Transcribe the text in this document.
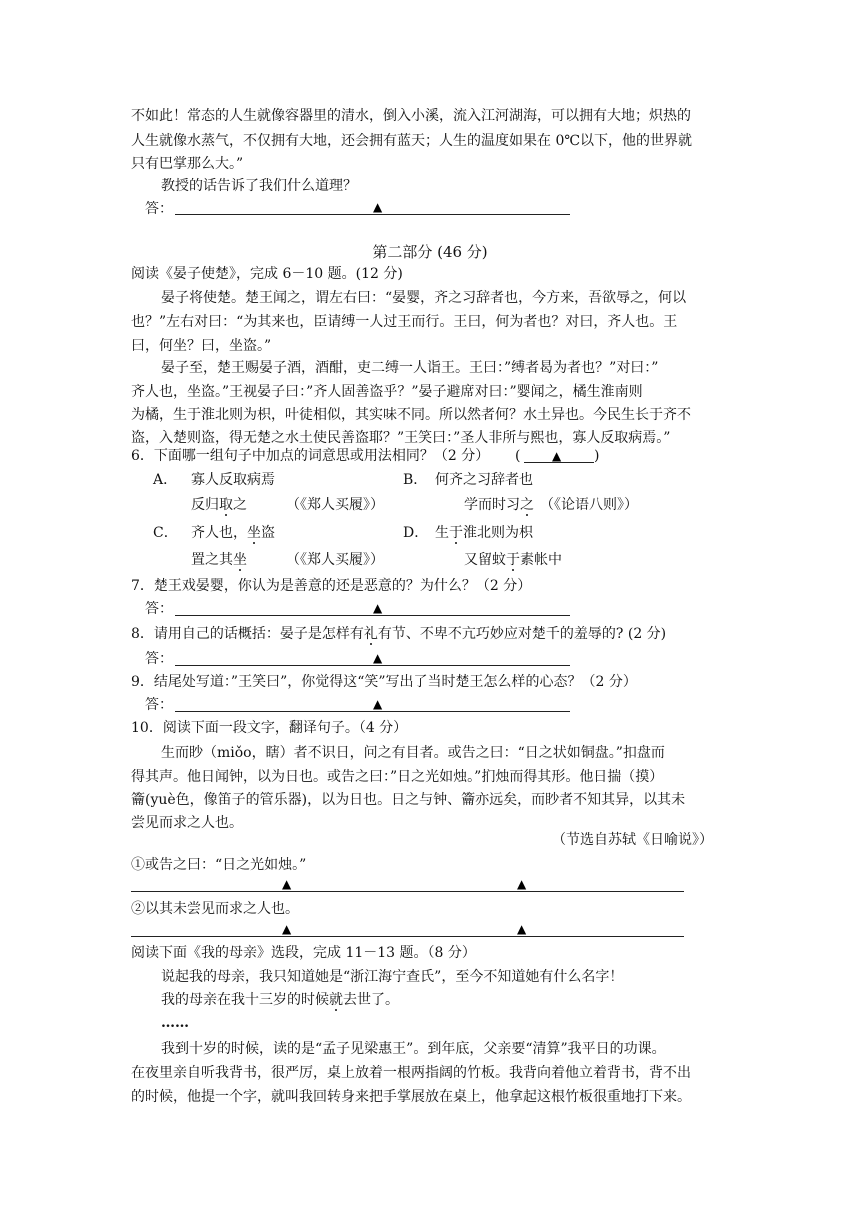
不如此！常态的人生就像容器里的清水，倒入小溪，流入江河湖海，可以拥有大地；炽热的
人生就像水蒸气，不仅拥有大地，还会拥有蓝天；人生的温度如果在 0℃以下，他的世界就
只有巴掌那么大。”
教授的话告诉了我们什么道理？
答：	▲
第二部分 (46 分)
阅读《晏子使楚》，完成 6－10 题。(12 分)
晏子将使楚。楚王闻之，谓左右曰：“晏婴，齐之习辞者也，今方来，吾欲辱之，何以
也？”左右对曰：“为其来也，臣请缚一人过王而行。王曰，何为者也？对曰，齐人也。王
曰，何坐？曰，坐盗。”
晏子至，楚王赐晏子酒，酒酣，吏二缚一人诣王。王曰：”缚者曷为者也？”对曰：”
齐人也，坐盗。”王视晏子曰：”齐人固善盗乎？”晏子避席对曰：”婴闻之，橘生淮南则
为橘，生于淮北则为枳，叶徒相似，其实味不同。所以然者何？水土异也。今民生长于齐不
盗，入楚则盗，得无楚之水土使民善盗耶？”王笑曰：”圣人非所与熙也，寡人反取病焉。”
6．下面哪一组句子中加点的词意思或用法相同？（2 分） (	▲ )
A． 寡人反取病焉	B． 何齐之习辞者也
反归取之	（《郑人买履》）	学而时习之 （《论语八则》）
C． 齐人也，坐盗	D． 生于淮北则为枳
置之其坐	（《郑人买履》）	又留蚊于素帐中
7．楚王戏晏婴，你认为是善意的还是恶意的？为什么？（2 分）
答：	▲
8．请用自己的话概括：晏子是怎样有礼有节、不卑不亢巧妙应对楚千的羞辱的? (2 分)
答：	▲
9．结尾处写道：”王笑曰”，你觉得这“笑”写出了当时楚王怎么样的心态？（2 分）
答：	▲
10．阅读下面一段文字，翻译句子。（4 分）
生而眇（miǒo，瞎）者不识日，问之有目者。或告之曰：“日之状如铜盘。”扣盘而
得其声。他日闻钟，以为日也。或告之曰：”日之光如烛。”扪烛而得其形。他日揣（摸）
籥(yuè色，像笛子的管乐器)，以为日也。日之与钟、籥亦远矣，而眇者不知其异，以其未
尝见而求之人也。
（节选自苏轼《日喻说》）
①或告之曰：“日之光如烛。”
▲	▲
②以其未尝见而求之人也。
▲	▲
阅读下面《我的母亲》选段，完成 11－13 题。（8 分）
说起我的母亲，我只知道她是“浙江海宁查氏”，至今不知道她有什么名字！
我的母亲在我十三岁的时候就去世了。
……
我到十岁的时候，读的是“孟子见梁惠王”。到年底，父亲要“清算”我平日的功课。
在夜里亲自听我背书，很严厉，桌上放着一根两指阔的竹板。我背向着他立着背书，背不出
的时候，他提一个字，就叫我回转身来把手掌展放在桌上，他拿起这根竹板很重地打下来。
